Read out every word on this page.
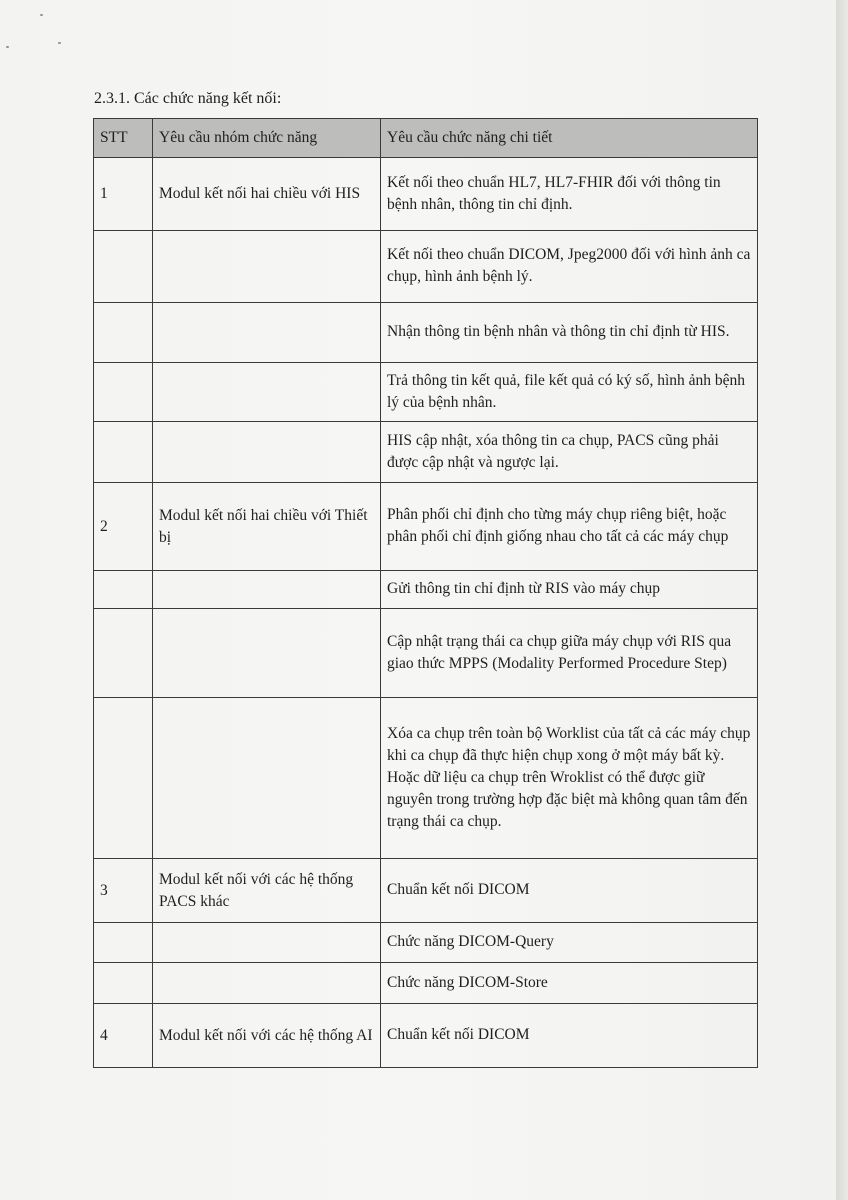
2.3.1. Các chức năng kết nối:
STT	Yêu cầu nhóm chức năng	Yêu cầu chức năng chi tiết
1	Modul kết nối hai chiều với HIS	Kết nối theo chuẩn HL7, HL7-FHIR đối với thông tin bệnh nhân, thông tin chỉ định.
		Kết nối theo chuẩn DICOM, Jpeg2000 đối với hình ảnh ca chụp, hình ảnh bệnh lý.
		Nhận thông tin bệnh nhân và thông tin chỉ định từ HIS.
		Trả thông tin kết quả, file kết quả có ký số, hình ảnh bệnh lý của bệnh nhân.
		HIS cập nhật, xóa thông tin ca chụp, PACS cũng phải được cập nhật và ngược lại.
2	Modul kết nối hai chiều với Thiết bị	Phân phối chỉ định cho từng máy chụp riêng biệt, hoặc phân phối chỉ định giống nhau cho tất cả các máy chụp
		Gửi thông tin chỉ định từ RIS vào máy chụp
		Cập nhật trạng thái ca chụp giữa máy chụp với RIS qua giao thức MPPS (Modality Performed Procedure Step)
		Xóa ca chụp trên toàn bộ Worklist của tất cả các máy chụp khi ca chụp đã thực hiện chụp xong ở một máy bất kỳ. Hoặc dữ liệu ca chụp trên Wroklist có thể được giữ nguyên trong trường hợp đặc biệt mà không quan tâm đến trạng thái ca chụp.
3	Modul kết nối với các hệ thống PACS khác	Chuẩn kết nối DICOM
		Chức năng DICOM-Query
		Chức năng DICOM-Store
4	Modul kết nối với các hệ thống AI	Chuẩn kết nối DICOM
